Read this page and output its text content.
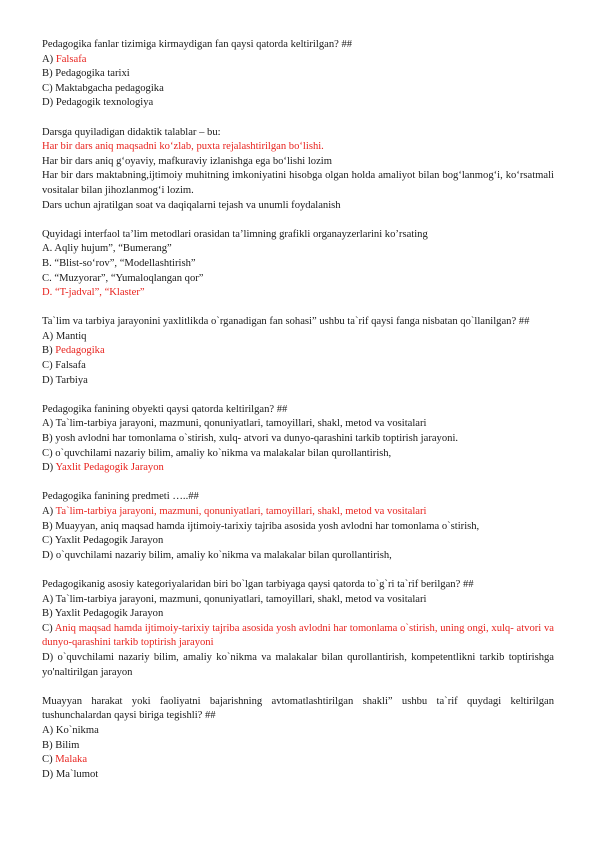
Pedagogika fanlar tizimiga kirmaydigan fan qaysi qatorda keltirilgan? ##
A) Falsafa
B) Pedagogika tarixi
C) Maktabgacha pedagogika
D) Pedagogik texnologiya
Darsga quyiladigan didaktik talablar – bu:
Har bir dars aniq maqsadni ko‘zlab, puxta rejalashtirilgan bo‘lishi.
Har bir dars aniq g‘oyaviy, mafkuraviy izlanishga ega bo‘lishi lozim
Har bir dars maktabning,ijtimoiy muhitning imkoniyatini hisobga olgan holda amaliyot bilan bog‘lanmog‘i, ko‘rsatmali vositalar bilan jihozlanmog‘i lozim.
Dars uchun ajratilgan soat va daqiqalarni tejash va unumli foydalanish
Quyidagi interfaol ta’lim metodlari orasidan ta’limning grafikli organayzerlarini ko’rsating
A. Aqliy hujum”, “Bumerang”
B. “Blist-so‘rov”, “Modellashtirish”
C. “Muzyorar”, “Yumaloqlangan qor”
D. “T-jadval”, “Klaster”
Ta`lim va tarbiya jarayonini yaxlitlikda o`rganadigan fan sohasi” ushbu ta`rif qaysi fanga nisbatan qo`llanilgan? ##
A) Mantiq
B) Pedagogika
C) Falsafa
D) Tarbiya
Pedagogika fanining obyekti qaysi qatorda keltirilgan? ##
A) Ta`lim-tarbiya jarayoni, mazmuni, qonuniyatlari, tamoyillari, shakl, metod va vositalari
B) yosh avlodni har tomonlama o`stirish, xulq- atvori va dunyo-qarashini tarkib toptirish jarayoni.
C) o`quvchilami nazariy bilim, amaliy ko`nikma va malakalar bilan qurollantirish,
D) Yaxlit Pedagogik Jarayon
Pedagogika fanining predmeti …..##
A) Ta`lim-tarbiya jarayoni, mazmuni, qonuniyatlari, tamoyillari, shakl, metod va vositalari
B) Muayyan, aniq maqsad hamda ijtimoiy-tarixiy tajriba asosida yosh avlodni har tomonlama o`stirish,
C) Yaxlit Pedagogik Jarayon
D) o`quvchilami nazariy bilim, amaliy ko`nikma va malakalar bilan qurollantirish,
Pedagogikanig asosiy kategoriyalaridan biri bo`lgan tarbiyaga qaysi qatorda to`g`ri ta`rif berilgan? ##
A) Ta`lim-tarbiya jarayoni, mazmuni, qonuniyatlari, tamoyillari, shakl, metod va vositalari
B) Yaxlit Pedagogik Jarayon
C) Aniq maqsad hamda ijtimoiy-tarixiy tajriba asosida yosh avlodni har tomonlama o`stirish, uning ongi, xulq- atvori va dunyo-qarashini tarkib toptirish jarayoni
D) o`quvchilami nazariy bilim, amaliy ko`nikma va malakalar bilan qurollantirish, kompetentlikni tarkib toptirishga yo'naltirilgan jarayon
Muayyan harakat yoki faoliyatni bajarishning avtomatlashtirilgan shakli” ushbu ta`rif quydagi keltirilgan tushunchalardan qaysi biriga tegishli? ##
A) Ko`nikma
B) Bilim
C) Malaka
D) Ma`lumot
